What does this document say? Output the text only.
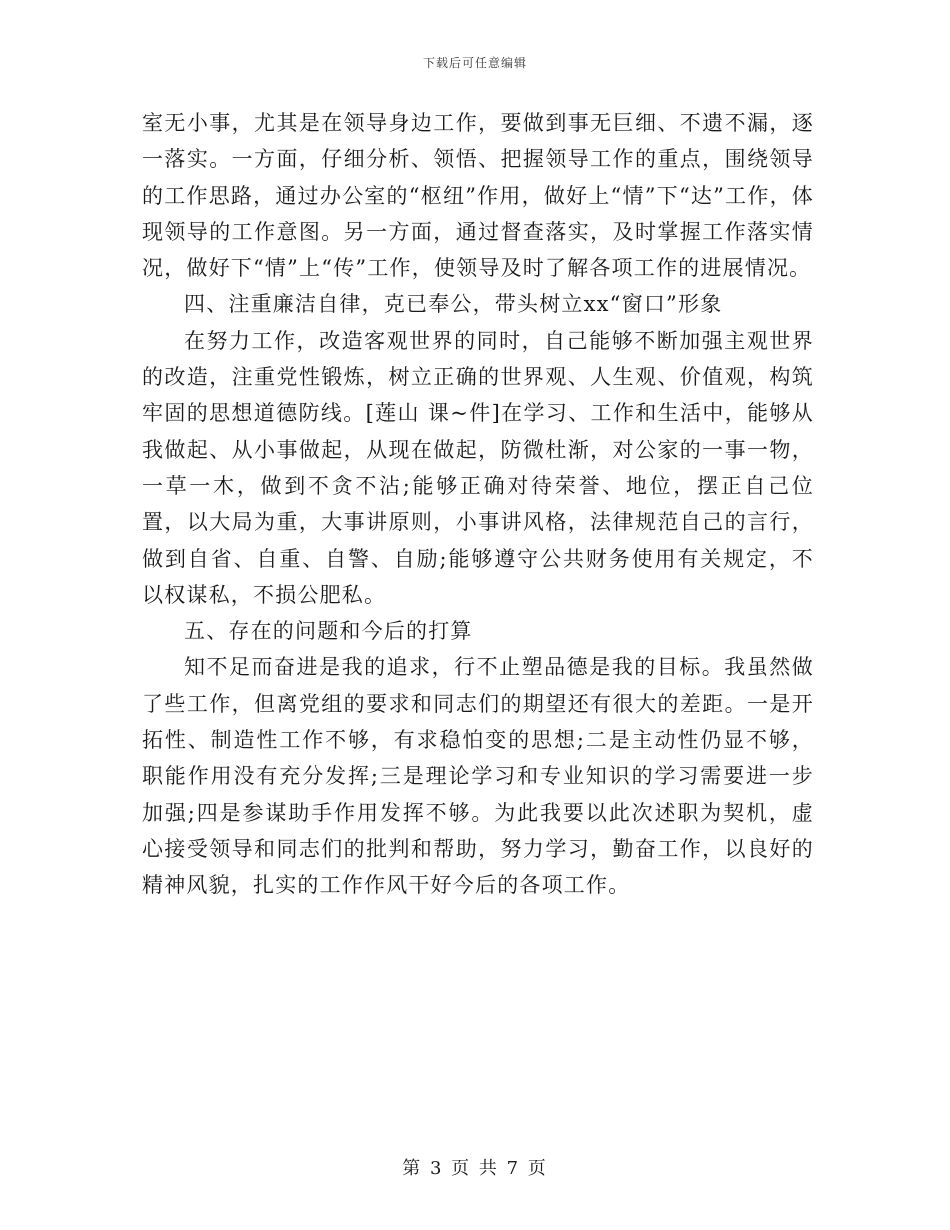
下载后可任意编辑

室无小事，尤其是在领导身边工作，要做到事无巨细、不遗不漏，逐一落实。一方面，仔细分析、领悟、把握领导工作的重点，围绕领导的工作思路，通过办公室的“枢纽”作用，做好上“情”下“达”工作，体现领导的工作意图。另一方面，通过督查落实，及时掌握工作落实情况，做好下“情”上“传”工作，使领导及时了解各项工作的进展情况。

四、注重廉洁自律，克已奉公，带头树立xx“窗口”形象

在努力工作，改造客观世界的同时，自己能够不断加强主观世界的改造，注重党性锻炼，树立正确的世界观、人生观、价值观，构筑牢固的思想道德防线。[莲山 课~件]在学习、工作和生活中，能够从我做起、从小事做起，从现在做起，防微杜渐，对公家的一事一物，一草一木，做到不贪不沾;能够正确对待荣誉、地位，摆正自己位置，以大局为重，大事讲原则，小事讲风格，法律规范自己的言行，做到自省、自重、自警、自励;能够遵守公共财务使用有关规定，不以权谋私，不损公肥私。

五、存在的问题和今后的打算

知不足而奋进是我的追求，行不止塑品德是我的目标。我虽然做了些工作，但离党组的要求和同志们的期望还有很大的差距。一是开拓性、制造性工作不够，有求稳怕变的思想;二是主动性仍显不够，职能作用没有充分发挥;三是理论学习和专业知识的学习需要进一步加强;四是参谋助手作用发挥不够。为此我要以此次述职为契机，虚心接受领导和同志们的批判和帮助，努力学习，勤奋工作，以良好的精神风貌，扎实的工作作风干好今后的各项工作。

第 3 页 共 7 页
